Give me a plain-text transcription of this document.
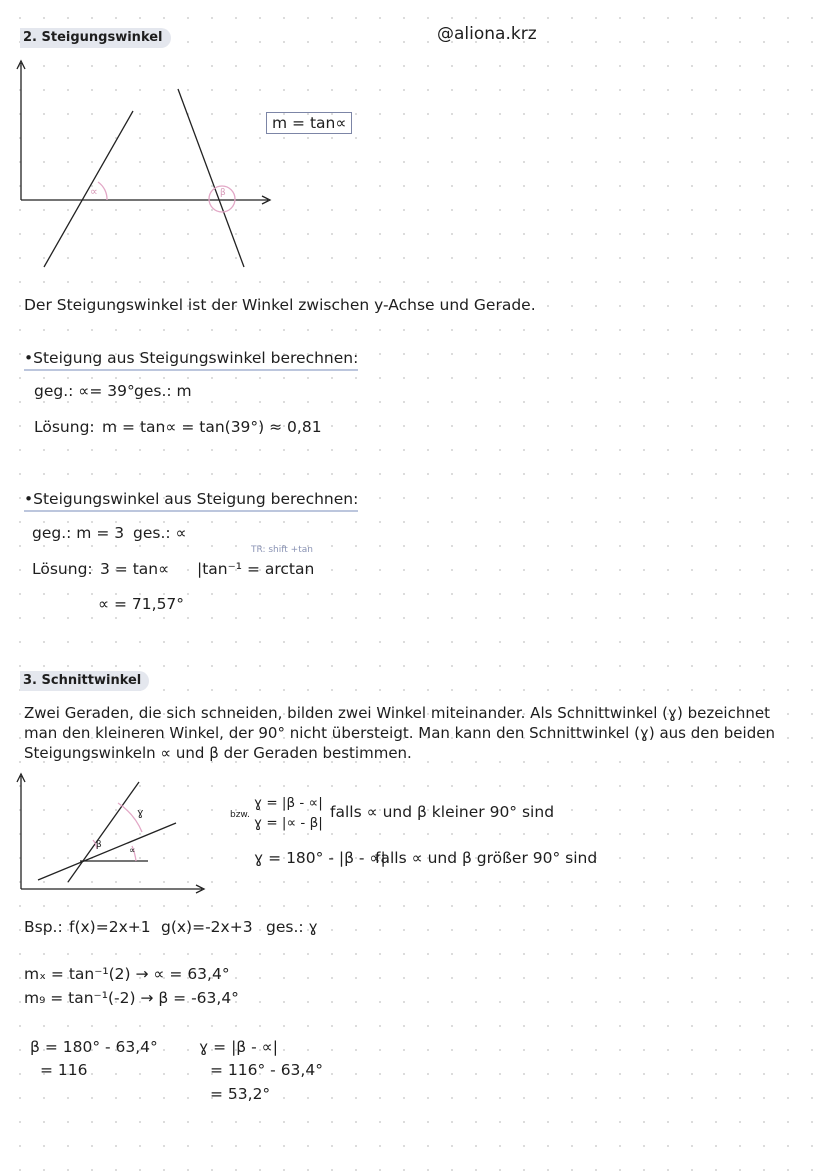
2. Steigungswinkel	@aliona.krz
∝	β
m = tan∝
Der Steigungswinkel ist der Winkel zwischen y-Achse und Gerade.
•Steigung aus Steigungswinkel berechnen:
geg.: ∝= 39° ges.: m
Lösung: m = tan∝ = tan(39°) ≈ 0,81
•Steigungswinkel aus Steigung berechnen:
geg.: m = 3 ges.: ∝
Lösung: 3 = tan∝
TR: shift +tan
|tan⁻¹ = arctan
∝ = 71,57°
3. Schnittwinkel
Zwei Geraden, die sich schneiden, bilden zwei Winkel miteinander. Als Schnittwinkel (ɣ) bezeichnet man den kleineren Winkel, der 90° nicht übersteigt. Man kann den Schnittwinkel (ɣ) aus den beiden Steigungswinkeln ∝ und β der Geraden bestimmen.
ɣ
β
∝
bzw.
ɣ = |β - ∝|
ɣ = |∝ - β|
falls ∝ und β kleiner 90° sind
ɣ = 180° - |β - ∝|
falls ∝ und β größer 90° sind
Bsp.: f(x)=2x+1 g(x)=-2x+3 ges.: ɣ
mₓ = tan⁻¹(2) → ∝ = 63,4°
m₉ = tan⁻¹(-2) → β = -63,4°
β = 180° - 63,4°
= 116
ɣ = |β - ∝|
= 116° - 63,4°
= 53,2°
